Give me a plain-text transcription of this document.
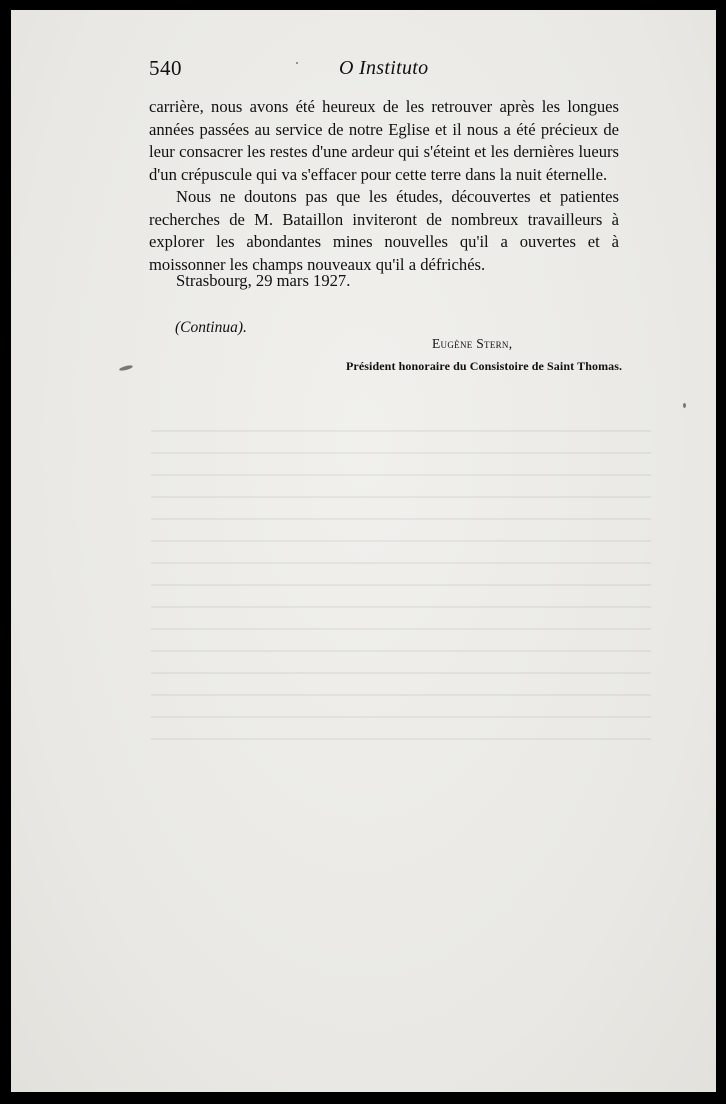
540	O Instituto

carrière, nous avons été heureux de les retrouver après les longues années passées au service de notre Eglise et il nous a été précieux de leur consacrer les restes d'une ardeur qui s'éteint et les dernières lueurs d'un crépuscule qui va s'effacer pour cette terre dans la nuit éternelle.

Nous ne doutons pas que les études, découvertes et patientes recherches de M. Bataillon inviteront de nombreux travailleurs à explorer les abondantes mines nouvelles qu'il a ouvertes et à moissonner les champs nouveaux qu'il a défrichés.

Strasbourg, 29 mars 1927.
(Continua).
Eugène Stern,
Président honoraire du Consistoire de Saint Thomas.
